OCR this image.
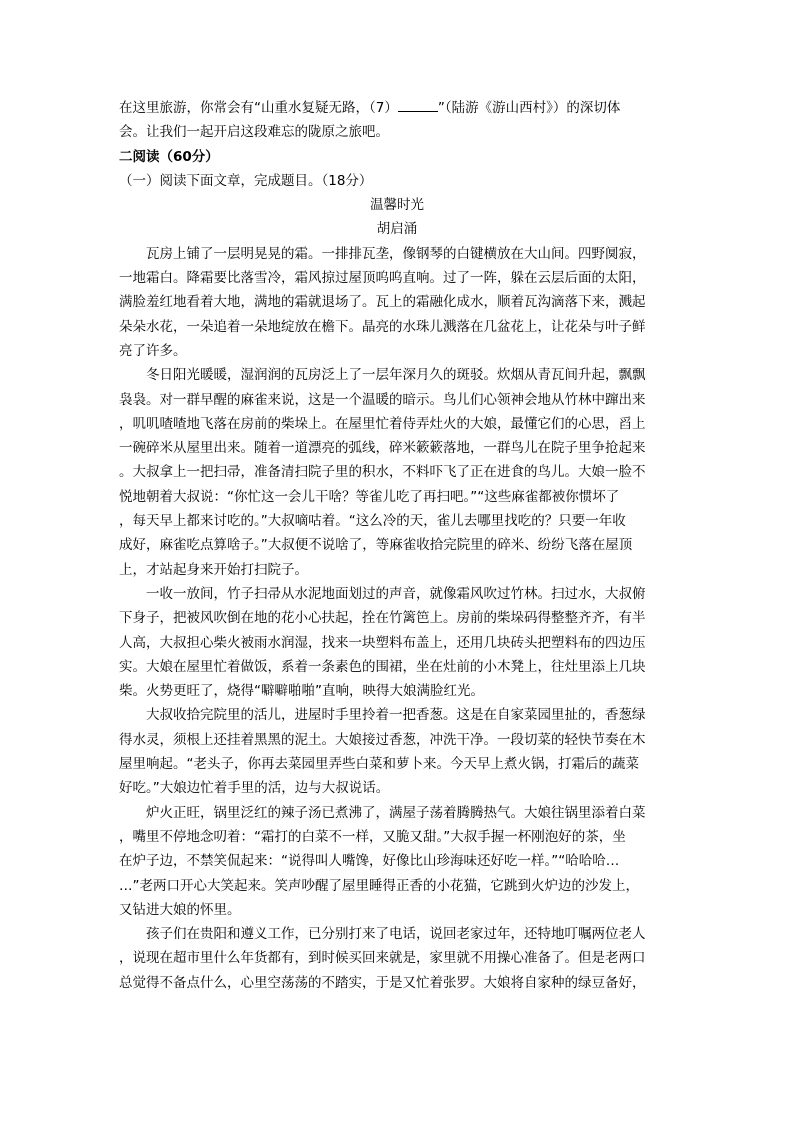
在这里旅游，你常会有“山重水复疑无路，（7）	”（陆游《游山西村》）的深切体
会。让我们一起开启这段难忘的陇原之旅吧。
二阅读（60分）
（一）阅读下面文章，完成题目。（18分）
温馨时光
胡启涌
瓦房上铺了一层明晃晃的霜。一排排瓦垄，像钢琴的白键横放在大山间。四野阒寂，
一地霜白。降霜要比落雪冷，霜风掠过屋顶呜呜直响。过了一阵，躲在云层后面的太阳，
满脸羞红地看着大地，满地的霜就退场了。瓦上的霜融化成水，顺着瓦沟滴落下来，溅起
朵朵水花，一朵追着一朵地绽放在檐下。晶亮的水珠儿溅落在几盆花上，让花朵与叶子鲜
亮了许多。
冬日阳光暖暖，湿润润的瓦房泛上了一层年深月久的斑驳。炊烟从青瓦间升起，飘飘
袅袅。对一群早醒的麻雀来说，这是一个温暖的暗示。鸟儿们心领神会地从竹林中蹿出来
，叽叽喳喳地飞落在房前的柴垛上。在屋里忙着侍弄灶火的大娘，最懂它们的心思，舀上
一碗碎米从屋里出来。随着一道漂亮的弧线，碎米簌簌落地，一群鸟儿在院子里争抢起来
。大叔拿上一把扫帚，准备清扫院子里的积水，不料吓飞了正在进食的鸟儿。大娘一脸不
悦地朝着大叔说：“你忙这一会儿干啥？等雀儿吃了再扫吧。”“这些麻雀都被你惯坏了
，每天早上都来讨吃的。”大叔嘀咕着。“这么冷的天，雀儿去哪里找吃的？只要一年收
成好，麻雀吃点算啥子。”大叔便不说啥了，等麻雀收拾完院里的碎米、纷纷飞落在屋顶
上，才站起身来开始打扫院子。
一收一放间，竹子扫帚从水泥地面划过的声音，就像霜风吹过竹林。扫过水，大叔俯
下身子，把被风吹倒在地的花小心扶起，拴在竹篱笆上。房前的柴垛码得整整齐齐，有半
人高，大叔担心柴火被雨水润湿，找来一块塑料布盖上，还用几块砖头把塑料布的四边压
实。大娘在屋里忙着做饭，系着一条素色的围裙，坐在灶前的小木凳上，往灶里添上几块
柴。火势更旺了，烧得“噼噼啪啪”直响，映得大娘满脸红光。
大叔收拾完院里的活儿，进屋时手里拎着一把香葱。这是在自家菜园里扯的，香葱绿
得水灵，须根上还挂着黑黑的泥土。大娘接过香葱，冲洗干净。一段切菜的轻快节奏在木
屋里响起。“老头子，你再去菜园里弄些白菜和萝卜来。今天早上煮火锅，打霜后的蔬菜
好吃。”大娘边忙着手里的活，边与大叔说话。
炉火正旺，锅里泛红的辣子汤已煮沸了，满屋子荡着腾腾热气。大娘往锅里添着白菜
，嘴里不停地念叨着：“霜打的白菜不一样，又脆又甜。”大叔手握一杯刚泡好的茶，坐
在炉子边，不禁笑侃起来：“说得叫人嘴馋，好像比山珍海味还好吃一样。”“哈哈哈…
…”老两口开心大笑起来。笑声吵醒了屋里睡得正香的小花猫，它跳到火炉边的沙发上，
又钻进大娘的怀里。
孩子们在贵阳和遵义工作，已分别打来了电话，说回老家过年，还特地叮嘱两位老人
，说现在超市里什么年货都有，到时候买回来就是，家里就不用操心准备了。但是老两口
总觉得不备点什么，心里空荡荡的不踏实，于是又忙着张罗。大娘将自家种的绿豆备好，
